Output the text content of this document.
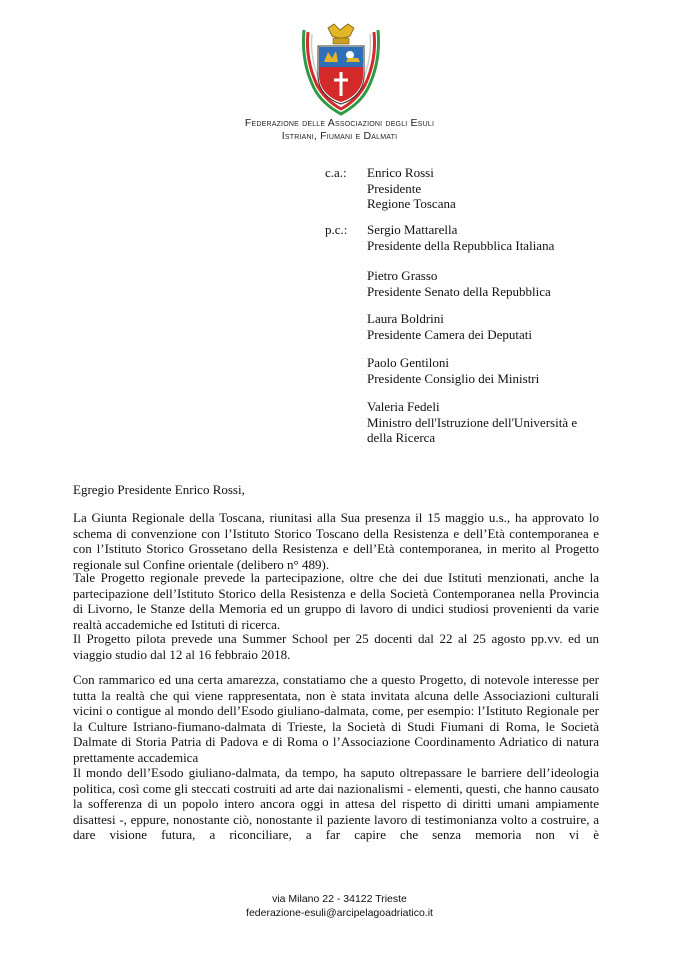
Federazione delle Associazioni degli Esuli
Istriani, Fiumani e Dalmati
c.a.: Enrico Rossi
Presidente
Regione Toscana
p.c.: Sergio Mattarella
Presidente della Repubblica Italiana
Pietro Grasso
Presidente Senato della Repubblica
Laura Boldrini
Presidente Camera dei Deputati
Paolo Gentiloni
Presidente Consiglio dei Ministri
Valeria Fedeli
Ministro dell'Istruzione dell'Università e
della Ricerca
Egregio Presidente Enrico Rossi,
La Giunta Regionale della Toscana, riunitasi alla Sua presenza il 15 maggio u.s., ha approvato lo schema di convenzione con l’Istituto Storico Toscano della Resistenza e dell’Età contemporanea e con l’Istituto Storico Grossetano della Resistenza e dell’Età contemporanea, in merito al Progetto regionale sul Confine orientale (delibero n° 489).
Tale Progetto regionale prevede la partecipazione, oltre che dei due Istituti menzionati, anche la partecipazione dell’Istituto Storico della Resistenza e della Società Contemporanea nella Provincia di Livorno, le Stanze della Memoria ed un gruppo di lavoro di undici studiosi provenienti da varie realtà accademiche ed Istituti di ricerca.
Il Progetto pilota prevede una Summer School per 25 docenti dal 22 al 25 agosto pp.vv. ed un viaggio studio dal 12 al 16 febbraio 2018.
Con rammarico ed una certa amarezza, constatiamo che a questo Progetto, di notevole interesse per tutta la realtà che qui viene rappresentata, non è stata invitata alcuna delle Associazioni culturali vicini o contigue al mondo dell’Esodo giuliano-dalmata, come, per esempio: l’Istituto Regionale per la Culture Istriano-fiumano-dalmata di Trieste, la Società di Studi Fiumani di Roma, le Società Dalmate di Storia Patria di Padova e di Roma o l’Associazione Coordinamento Adriatico di natura prettamente accademica
Il mondo dell’Esodo giuliano-dalmata, da tempo, ha saputo oltrepassare le barriere dell’ideologia politica, così come gli steccati costruiti ad arte dai nazionalismi - elementi, questi, che hanno causato la sofferenza di un popolo intero ancora oggi in attesa del rispetto di diritti umani ampiamente disattesi -, eppure, nonostante ciò, nonostante il paziente lavoro di testimonianza volto a costruire, a dare visione futura, a riconciliare, a far capire che senza memoria non vi è
via Milano 22 - 34122 Trieste
federazione-esuli@arcipelagoadriatico.it
